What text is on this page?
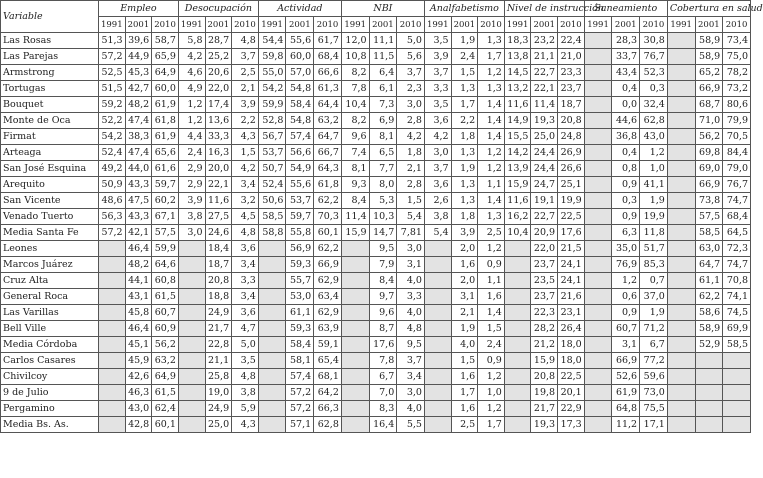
Variable	Empleo			Desocupación			Actividad			NBI			Analfabetismo			Nivel de instrucción			Saneamiento			Cobertura en salud		
	1991	2001	2010	1991	2001	2010	1991	2001	2010	1991	2001	2010	1991	2001	2010	1991	2001	2010	1991	2001	2010	1991	2001	2010
Las Rosas	51,3	39,6	58,7	5,8	28,7	4,8	54,4	55,6	61,7	12,0	11,1	5,0	3,5	1,9	1,3	18,3	23,2	22,4		28,3	30,8		58,9	73,4
Las Parejas	57,2	44,9	65,9	4,2	25,2	3,7	59,8	60,0	68,4	10,8	11,5	5,6	3,9	2,4	1,7	13,8	21,1	21,0		33,7	76,7		58,9	75,0
Armstrong	52,5	45,3	64,9	4,6	20,6	2,5	55,0	57,0	66,6	8,2	6,4	3,7	3,7	1,5	1,2	14,5	22,7	23,3		43,4	52,3		65,2	78,2
Tortugas	51,5	42,7	60,0	4,9	22,0	2,1	54,2	54,8	61,3	7,8	6,1	2,3	3,3	1,3	1,3	13,2	22,1	23,7		0,4	0,3		66,9	73,2
Bouquet	59,2	48,2	61,9	1,2	17,4	3,9	59,9	58,4	64,4	10,4	7,3	3,0	3,5	1,7	1,4	11,6	11,4	18,7		0,0	32,4		68,7	80,6
Monte de Oca	52,2	47,4	61,8	1,2	13,6	2,2	52,8	54,8	63,2	8,2	6,9	2,8	3,6	2,2	1,4	14,9	19,3	20,8		44,6	62,8		71,0	79,9
Firmat	54,2	38,3	61,9	4,4	33,3	4,3	56,7	57,4	64,7	9,6	8,1	4,2	4,2	1,8	1,4	15,5	25,0	24,8		36,8	43,0		56,2	70,5
Arteaga	52,4	47,4	65,6	2,4	16,3	1,5	53,7	56,6	66,7	7,4	6,5	1,8	3,0	1,3	1,2	14,2	24,4	26,9		0,4	1,2		69,8	84,4
San José Esquina	49,2	44,0	61,6	2,9	20,0	4,2	50,7	54,9	64,3	8,1	7,7	2,1	3,7	1,9	1,2	13,9	24,4	26,6		0,8	1,0		69,0	79,0
Arequito	50,9	43,3	59,7	2,9	22,1	3,4	52,4	55,6	61,8	9,3	8,0	2,8	3,6	1,3	1,1	15,9	24,7	25,1		0,9	41,1		66,9	76,7
San Vicente	48,6	47,5	60,2	3,9	11,6	3,2	50,6	53,7	62,2	8,4	5,3	1,5	2,6	1,3	1,4	11,6	19,1	19,9		0,3	1,9		73,8	74,7
Venado Tuerto	56,3	43,3	67,1	3,8	27,5	4,5	58,5	59,7	70,3	11,4	10,3	5,4	3,8	1,8	1,3	16,2	22,7	22,5		0,9	19,9		57,5	68,4
Media Santa Fe	57,2	42,1	57,5	3,0	24,6	4,8	58,8	55,8	60,1	15,9	14,7	7,81	5,4	3,9	2,5	10,4	20,9	17,6		6,3	11,8		58,5	64,5
Leones		46,4	59,9		18,4	3,6		56,9	62,2		9,5	3,0		2,0	1,2		22,0	21,5		35,0	51,7		63,0	72,3
Marcos Juárez		48,2	64,6		18,7	3,4		59,3	66,9		7,9	3,1		1,6	0,9		23,7	24,1		76,9	85,3		64,7	74,7
Cruz Alta		44,1	60,8		20,8	3,3		55,7	62,9		8,4	4,0		2,0	1,1		23,5	24,1		1,2	0,7		61,1	70,8
General Roca		43,1	61,5		18,8	3,4		53,0	63,4		9,7	3,3		3,1	1,6		23,7	21,6		0,6	37,0		62,2	74,1
Las Varillas		45,8	60,7		24,9	3,6		61,1	62,9		9,6	4,0		2,1	1,4		22,3	23,1		0,9	1,9		58,6	74,5
Bell Ville		46,4	60,9		21,7	4,7		59,3	63,9		8,7	4,8		1,9	1,5		28,2	26,4		60,7	71,2		58,9	69,9
Media Córdoba		45,1	56,2		22,8	5,0		58,4	59,1		17,6	9,5		4,0	2,4		21,2	18,0		3,1	6,7		52,9	58,5
Carlos Casares		45,9	63,2		21,1	3,5		58,1	65,4		7,8	3,7		1,5	0,9		15,9	18,0		66,9	77,2			
Chivilcoy		42,6	64,9		25,8	4,8		57,4	68,1		6,7	3,4		1,6	1,2		20,8	22,5		52,6	59,6			
9 de Julio		46,3	61,5		19,0	3,8		57,2	64,2		7,0	3,0		1,7	1,0		19,8	20,1		61,9	73,0			
Pergamino		43,0	62,4		24,9	5,9		57,2	66,3		8,3	4,0		1,6	1,2		21,7	22,9		64,8	75,5			
Media Bs. As.		42,8	60,1		25,0	4,3		57,1	62,8		16,4	5,5		2,5	1,7		19,3	17,3		11,2	17,1			
